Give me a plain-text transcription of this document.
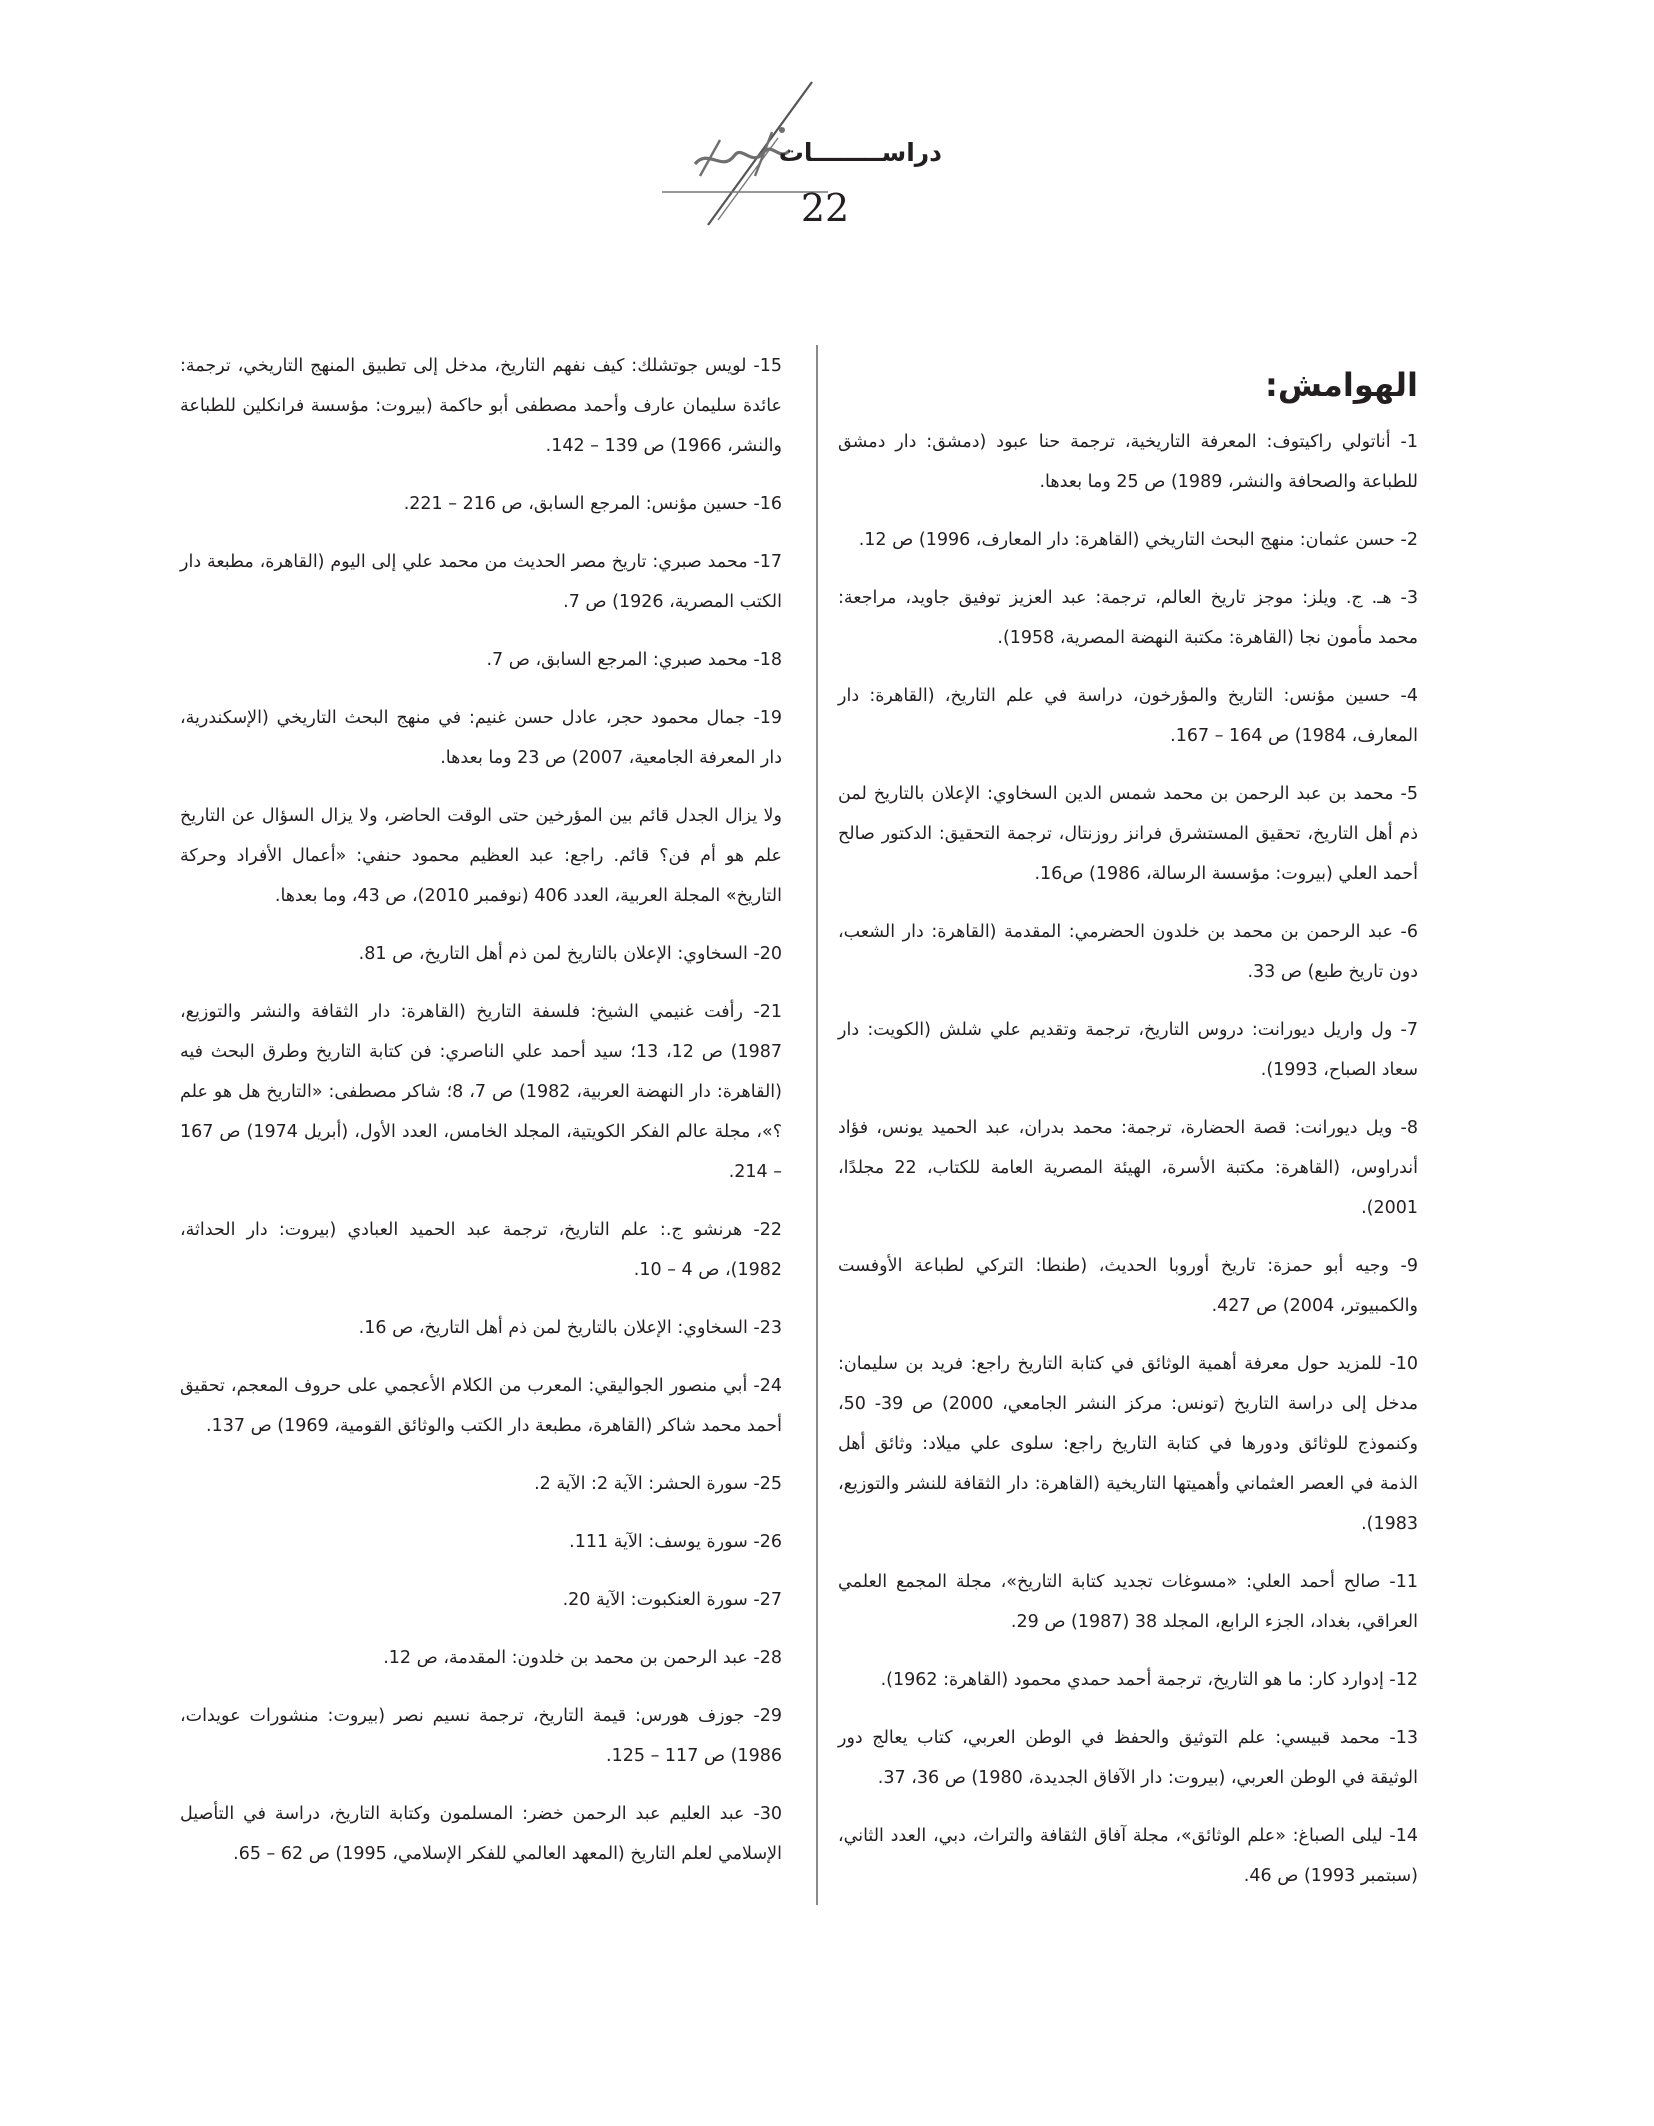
دراســــــــات
22
الهوامش:
1- أناتولي راكيتوف: المعرفة التاريخية، ترجمة حنا عبود (دمشق: دار دمشق للطباعة والصحافة والنشر، 1989) ص 25 وما بعدها.
2- حسن عثمان: منهج البحث التاريخي (القاهرة: دار المعارف، 1996) ص 12.
3- هـ. ج. ويلز: موجز تاريخ العالم، ترجمة: عبد العزيز توفيق جاويد، مراجعة: محمد مأمون نجا (القاهرة: مكتبة النهضة المصرية، 1958).
4- حسين مؤنس: التاريخ والمؤرخون، دراسة في علم التاريخ، (القاهرة: دار المعارف، 1984) ص 164 – 167.
5- محمد بن عبد الرحمن بن محمد شمس الدين السخاوي: الإعلان بالتاريخ لمن ذم أهل التاريخ، تحقيق المستشرق فرانز روزنتال، ترجمة التحقيق: الدكتور صالح أحمد العلي (بيروت: مؤسسة الرسالة، 1986) ص16.
6- عبد الرحمن بن محمد بن خلدون الحضرمي: المقدمة (القاهرة: دار الشعب، دون تاريخ طبع) ص 33.
7- ول واريل ديورانت: دروس التاريخ، ترجمة وتقديم علي شلش (الكويت: دار سعاد الصباح، 1993).
8- ويل ديورانت: قصة الحضارة، ترجمة: محمد بدران، عبد الحميد يونس، فؤاد أندراوس، (القاهرة: مكتبة الأسرة، الهيئة المصرية العامة للكتاب، 22 مجلدًا، 2001).
9- وجيه أبو حمزة: تاريخ أوروبا الحديث، (طنطا: التركي لطباعة الأوفست والكمبيوتر، 2004) ص 427.
10- للمزيد حول معرفة أهمية الوثائق في كتابة التاريخ راجع: فريد بن سليمان: مدخل إلى دراسة التاريخ (تونس: مركز النشر الجامعي، 2000) ص 39- 50، وكنموذج للوثائق ودورها في كتابة التاريخ راجع: سلوى علي ميلاد: وثائق أهل الذمة في العصر العثماني وأهميتها التاريخية (القاهرة: دار الثقافة للنشر والتوزيع، 1983).
11- صالح أحمد العلي: «مسوغات تجديد كتابة التاريخ»، مجلة المجمع العلمي العراقي، بغداد، الجزء الرابع، المجلد 38 (1987) ص 29.
12- إدوارد كار: ما هو التاريخ، ترجمة أحمد حمدي محمود (القاهرة: 1962).
13- محمد قبيسي: علم التوثيق والحفظ في الوطن العربي، كتاب يعالج دور الوثيقة في الوطن العربي، (بيروت: دار الآفاق الجديدة، 1980) ص 36، 37.
14- ليلى الصباغ: «علم الوثائق»، مجلة آفاق الثقافة والتراث، دبي، العدد الثاني، (سبتمبر 1993) ص 46.
15- لويس جوتشلك: كيف نفهم التاريخ، مدخل إلى تطبيق المنهج التاريخي، ترجمة: عائدة سليمان عارف وأحمد مصطفى أبو حاكمة (بيروت: مؤسسة فرانكلين للطباعة والنشر، 1966) ص 139 – 142.
16- حسين مؤنس: المرجع السابق، ص 216 – 221.
17- محمد صبري: تاريخ مصر الحديث من محمد علي إلى اليوم (القاهرة، مطبعة دار الكتب المصرية، 1926) ص 7.
18- محمد صبري: المرجع السابق، ص 7.
19- جمال محمود حجر، عادل حسن غنيم: في منهج البحث التاريخي (الإسكندرية، دار المعرفة الجامعية، 2007) ص 23 وما بعدها.
ولا يزال الجدل قائم بين المؤرخين حتى الوقت الحاضر، ولا يزال السؤال عن التاريخ علم هو أم فن؟ قائم. راجع: عبد العظيم محمود حنفي: «أعمال الأفراد وحركة التاريخ» المجلة العربية، العدد 406 (نوفمبر 2010)، ص 43، وما بعدها.
20- السخاوي: الإعلان بالتاريخ لمن ذم أهل التاريخ، ص 81.
21- رأفت غنيمي الشيخ: فلسفة التاريخ (القاهرة: دار الثقافة والنشر والتوزيع، 1987) ص 12، 13؛ سيد أحمد علي الناصري: فن كتابة التاريخ وطرق البحث فيه (القاهرة: دار النهضة العربية، 1982) ص 7، 8؛ شاكر مصطفى: «التاريخ هل هو علم ؟»، مجلة عالم الفكر الكويتية، المجلد الخامس، العدد الأول، (أبريل 1974) ص 167 – 214.
22- هرنشو ج.: علم التاريخ، ترجمة عبد الحميد العبادي (بيروت: دار الحداثة، 1982)، ص 4 – 10.
23- السخاوي: الإعلان بالتاريخ لمن ذم أهل التاريخ، ص 16.
24- أبي منصور الجواليقي: المعرب من الكلام الأعجمي على حروف المعجم، تحقيق أحمد محمد شاكر (القاهرة، مطبعة دار الكتب والوثائق القومية، 1969) ص 137.
25- سورة الحشر: الآية 2: الآية 2.
26- سورة يوسف: الآية 111.
27- سورة العنكبوت: الآية 20.
28- عبد الرحمن بن محمد بن خلدون: المقدمة، ص 12.
29- جوزف هورس: قيمة التاريخ، ترجمة نسيم نصر (بيروت: منشورات عويدات، 1986) ص 117 – 125.
30- عبد العليم عبد الرحمن خضر: المسلمون وكتابة التاريخ، دراسة في التأصيل الإسلامي لعلم التاريخ (المعهد العالمي للفكر الإسلامي، 1995) ص 62 – 65.
